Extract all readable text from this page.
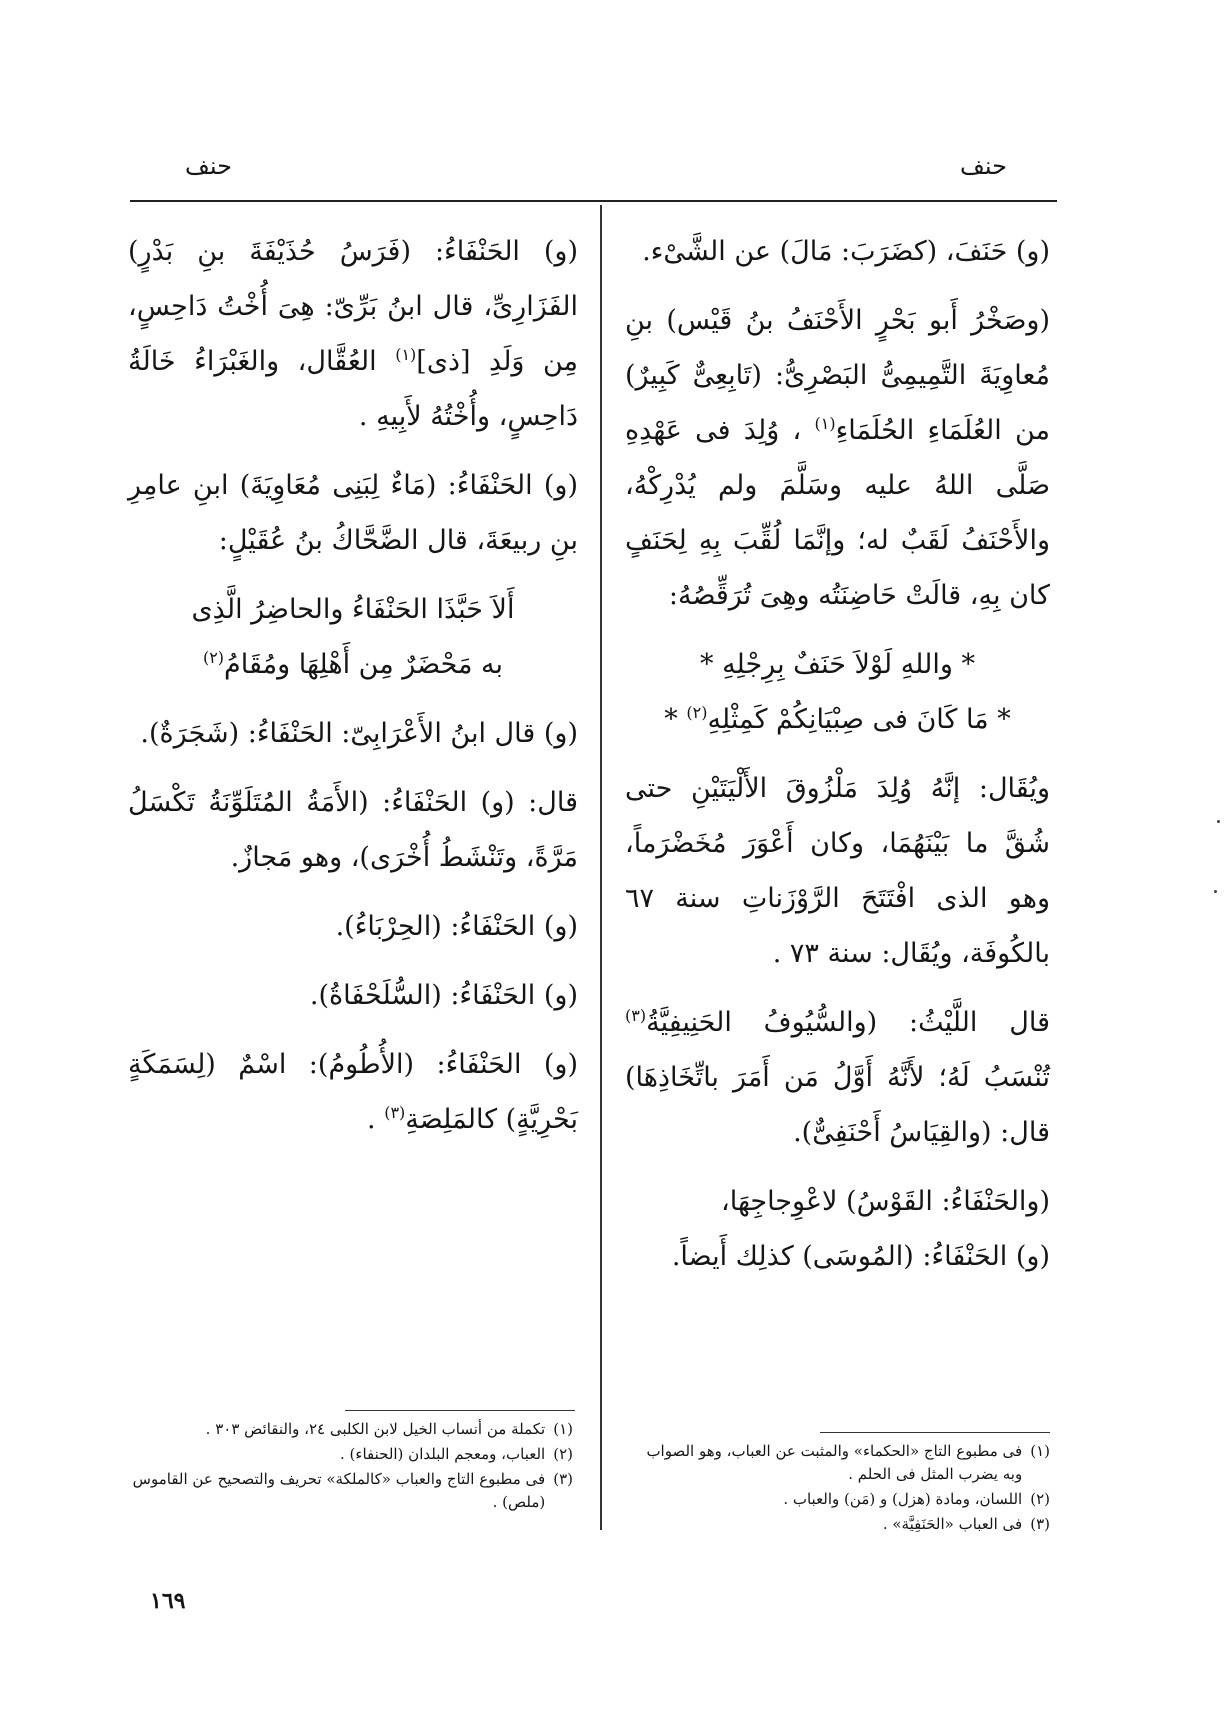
حنف	حنف

(و) حَنَفَ، (كضَرَبَ: مَالَ) عن الشَّىْء.

(وصَخْرُ أَبو بَحْرٍ الأَحْنَفُ بنُ قَيْس) بنِ مُعاوِيَةَ التَّمِيمِىُّ البَصْرِىُّ: (تَابِعِىٌّ كَبِيرٌ) من العُلَمَاءِ الحُلَمَاءِ$^{(١)}$ ، وُلِدَ فى عَهْدِهِ صَلَّى اللهُ عليه وسَلَّمَ ولم يُدْرِكْهُ، والأَحْنَفُ لَقَبٌ له؛ وإنَّمَا لُقِّبَ بِهِ لِحَنَفٍ كان بِهِ، قالَتْ حَاضِنَتُه وهِىَ تُرَقِّصُهُ:

* واللهِ لَوْلاَ حَنَفٌ بِرِجْلِهِ *
* مَا كَانَ فى صِبْيَانِكُمْ كَمِثْلِهِ$^{(٢)}$ *

ويُقَال: إنَّهُ وُلِدَ مَلْزُوقَ الأَلْيَتَيْنِ حتى شُقَّ ما بَيْنَهُمَا، وكان أَعْوَرَ مُخَضْرَماً، وهو الذى افْتَتَحَ الرَّوْزَناتِ سنة ٦٧ بالكُوفَة، ويُقَال: سنة ٧٣ .

قال اللَّيْثُ: (والسُّيُوفُ الحَنِيفِيَّةُ$^{(٣)}$ تُنْسَبُ لَهُ؛ لأَنَّهُ أَوَّلُ مَن أَمَرَ باتِّخَاذِهَا) قال: (والقِيَاسُ أَحْنَفِىٌّ).

(والحَنْفَاءُ: القَوْسُ) لاعْوِجاجِهَا،
(و) الحَنْفَاءُ: (المُوسَى) كذلِك أَيضاً.

(و) الحَنْفَاءُ: (فَرَسُ حُذَيْفَةَ بنِ بَدْرٍ) الفَزَارِىِّ، قال ابنُ بَرِّىّ: هِىَ أُخْتُ دَاحِسٍ، مِن وَلَدِ [ذى]$^{(١)}$ العُقَّال، والغَبْرَاءُ خَالَةُ دَاحِسٍ، وأُخْتُهُ لأَبِيهِ .

(و) الحَنْفَاءُ: (مَاءٌ لِبَنِى مُعَاوِيَةَ) ابنِ عامِرِ بنِ ربيعَةَ، قال الضَّحَّاكُ بنُ عُقَيْلٍ:

أَلاَ حَبَّذَا الحَنْفَاءُ والحاضِرُ الَّذِى
به مَحْضَرٌ مِن أَهْلِهَا ومُقَامُ$^{(٢)}$

(و) قال ابنُ الأَعْرَابِىّ: الحَنْفَاءُ: (شَجَرَةٌ).

قال: (و) الحَنْفَاءُ: (الأَمَةُ المُتَلَوِّنَةُ تَكْسَلُ مَرَّةً، وتَنْشَطُ أُخْرَى)، وهو مَجازٌ.

(و) الحَنْفَاءُ: (الحِرْبَاءُ).

(و) الحَنْفَاءُ: (السُّلَحْفَاةُ).

(و) الحَنْفَاءُ: (الأُطُومُ): اسْمٌ (لِسَمَكَةٍ بَحْرِيَّةٍ) كالمَلِصَةِ$^{(٣)}$ .

(١)
تكملة من أنساب الخيل لابن الكلبى ٢٤، والنقائض ٣٠٣ .
(٢)
العباب، ومعجم البلدان (الحنفاء) .
(٣)
فى مطبوع التاج والعباب «كالملكة» تحريف والتصحيح عن القاموس (ملص) .
(١)
فى مطبوع التاج «الحكماء» والمثبت عن العباب، وهو الصواب وبه يضرب المثل فى الحلم .
(٢)
اللسان، ومادة (هزل) و (مَن) والعباب .
(٣)
فى العباب «الحَنَفِيَّة» .
١٦٩
